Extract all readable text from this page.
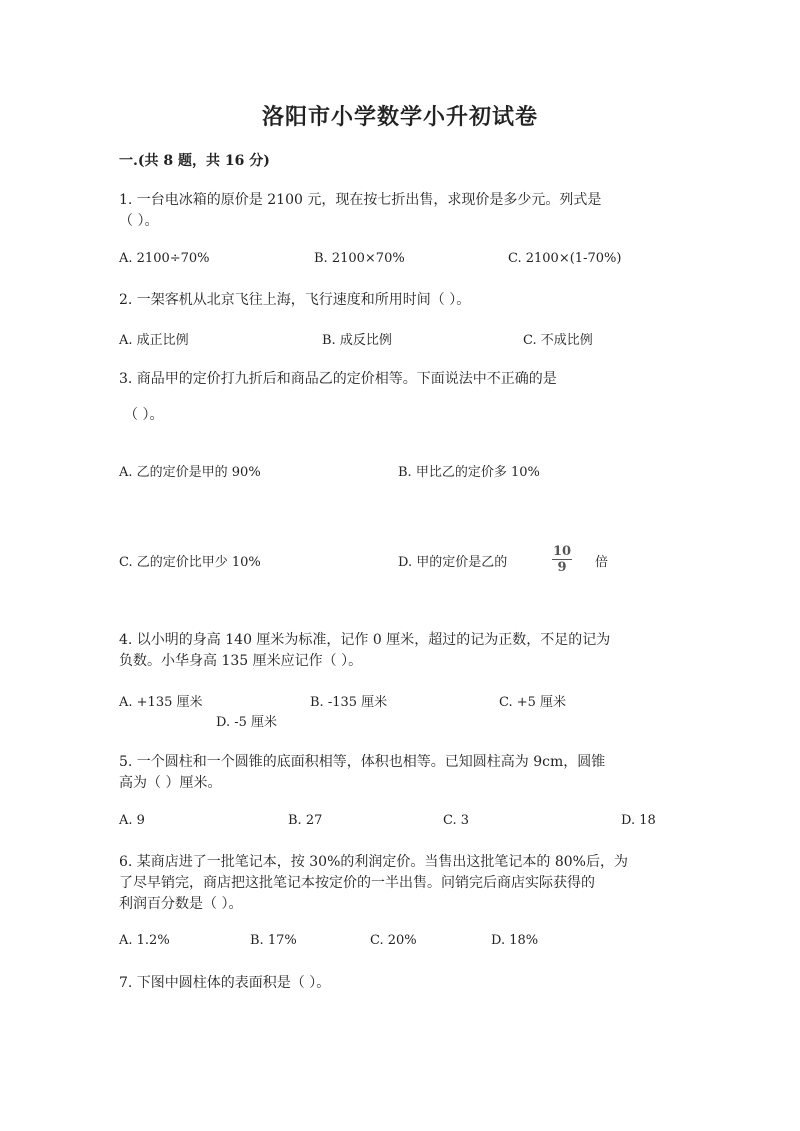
洛阳市小学数学小升初试卷
一.(共 8 题，共 16 分)
1. 一台电冰箱的原价是 2100 元，现在按七折出售，求现价是多少元。列式是
（ ）。
A. 2100÷70%	B. 2100×70%	C. 2100×(1-70%)
2. 一架客机从北京飞往上海，飞行速度和所用时间（ ）。
A. 成正比例	B. 成反比例	C. 不成比例
3. 商品甲的定价打九折后和商品乙的定价相等。下面说法中不正确的是
（ ）。
A. 乙的定价是甲的 90%	B. 甲比乙的定价多 10%
C. 乙的定价比甲少 10%	D. 甲的定价是乙的	$\frac{10}{9}$ 倍
4. 以小明的身高 140 厘米为标准，记作 0 厘米，超过的记为正数，不足的记为
负数。小华身高 135 厘米应记作（ ）。
A. +135 厘米	B. -135 厘米	C. +5 厘米
D. -5 厘米
5. 一个圆柱和一个圆锥的底面积相等，体积也相等。已知圆柱高为 9cm，圆锥
高为（ ）厘米。
A. 9	B. 27	C. 3	D. 18
6. 某商店进了一批笔记本，按 30%的利润定价。当售出这批笔记本的 80%后，为
了尽早销完，商店把这批笔记本按定价的一半出售。问销完后商店实际获得的
利润百分数是（ ）。
A. 1.2%	B. 17%	C. 20%	D. 18%
7. 下图中圆柱体的表面积是（ ）。
